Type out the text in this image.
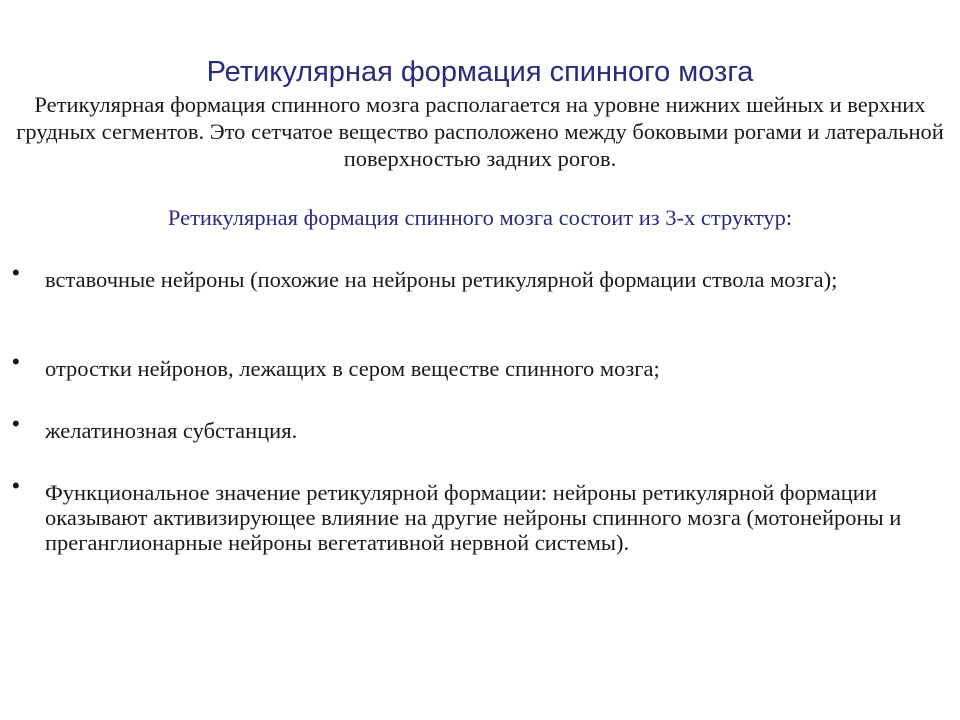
Ретикулярная формация спинного мозга

Ретикулярная формация спинного мозга располагается на уровне нижних шейных и верхних грудных сегментов. Это сетчатое вещество расположено между боковыми рогами и латеральной поверхностью задних рогов.

Ретикулярная формация спинного мозга состоит из 3-х структур:

• вставочные нейроны (похожие на нейроны ретикулярной формации ствола мозга);
• отростки нейронов, лежащих в сером веществе спинного мозга;
• желатинозная субстанция.
• Функциональное значение ретикулярной формации: нейроны ретикулярной формации оказывают активизирующее влияние на другие нейроны спинного мозга (мотонейроны и преганглионарные нейроны вегетативной нервной системы).
